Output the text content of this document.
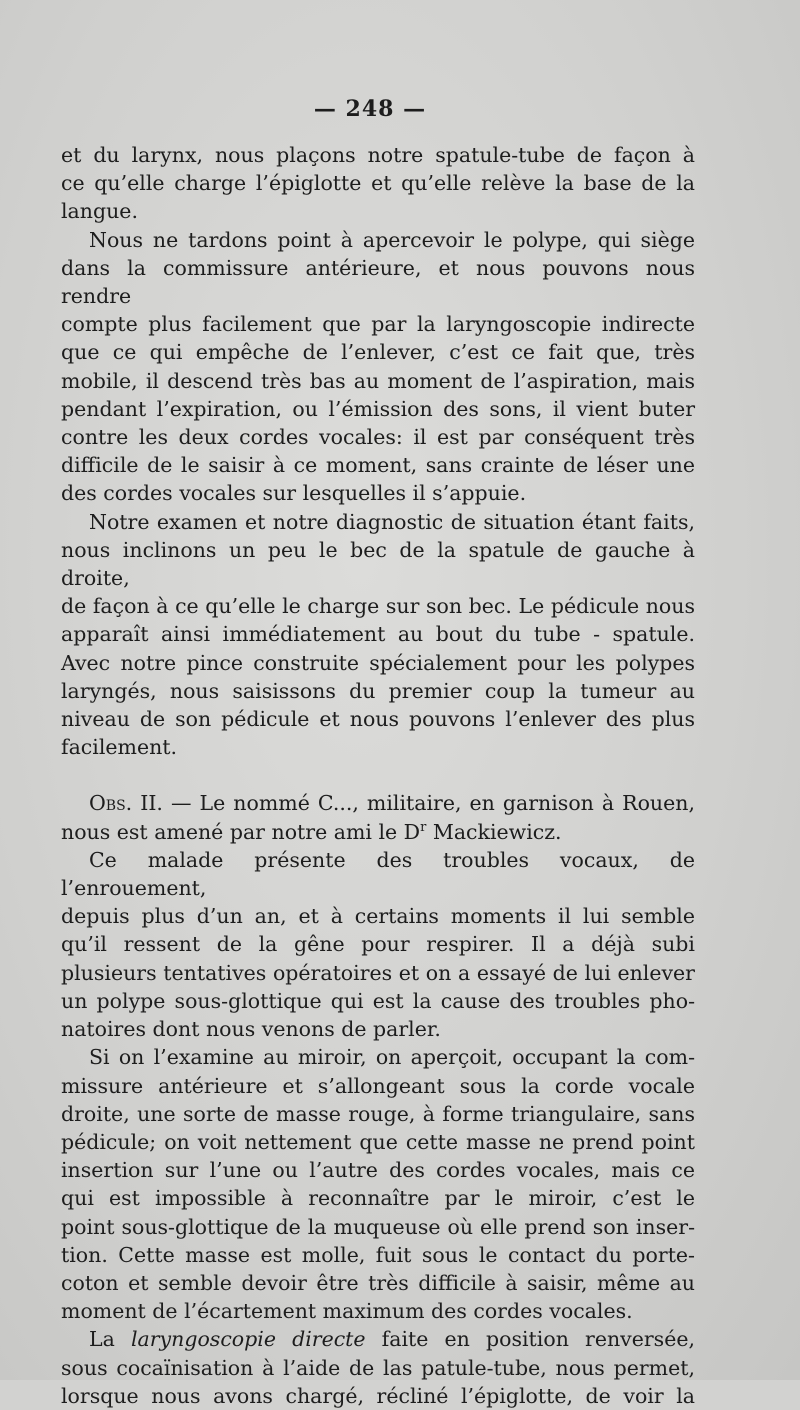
— 248 —

et du larynx, nous plaçons notre spatule-tube de façon à

ce qu’elle charge l’épiglotte et qu’elle relève la base de la

langue.

Nous ne tardons point à apercevoir le polype, qui siège

dans la commissure antérieure, et nous pouvons nous rendre

compte plus facilement que par la laryngoscopie indirecte

que ce qui empêche de l’enlever, c’est ce fait que, très

mobile, il descend très bas au moment de l’aspiration, mais

pendant l’expiration, ou l’émission des sons, il vient buter

contre les deux cordes vocales: il est par conséquent très

difficile de le saisir à ce moment, sans crainte de léser une

des cordes vocales sur lesquelles il s’appuie.

Notre examen et notre diagnostic de situation étant faits,

nous inclinons un peu le bec de la spatule de gauche à droite,

de façon à ce qu’elle le charge sur son bec. Le pédicule nous

apparaît ainsi immédiatement au bout du tube - spatule.

Avec notre pince construite spécialement pour les polypes

laryngés, nous saisissons du premier coup la tumeur au

niveau de son pédicule et nous pouvons l’enlever des plus

facilement.

Obs. II. — Le nommé C..., militaire, en garnison à Rouen,

nous est amené par notre ami le $D^r$ Mackiewicz.

Ce malade présente des troubles vocaux, de l’enrouement,

depuis plus d’un an, et à certains moments il lui semble

qu’il ressent de la gêne pour respirer. Il a déjà subi

plusieurs tentatives opératoires et on a essayé de lui enlever

un polype sous-glottique qui est la cause des troubles pho-

natoires dont nous venons de parler.

Si on l’examine au miroir, on aperçoit, occupant la com-

missure antérieure et s’allongeant sous la corde vocale

droite, une sorte de masse rouge, à forme triangulaire, sans

pédicule; on voit nettement que cette masse ne prend point

insertion sur l’une ou l’autre des cordes vocales, mais ce

qui est impossible à reconnaître par le miroir, c’est le

point sous-glottique de la muqueuse où elle prend son inser-

tion. Cette masse est molle, fuit sous le contact du porte-

coton et semble devoir être très difficile à saisir, même au

moment de l’écartement maximum des cordes vocales.

La laryngoscopie directe faite en position renversée,

sous cocaïnisation à l’aide de las patule-tube, nous permet,

lorsque nous avons chargé, récliné l’épiglotte, de voir la
